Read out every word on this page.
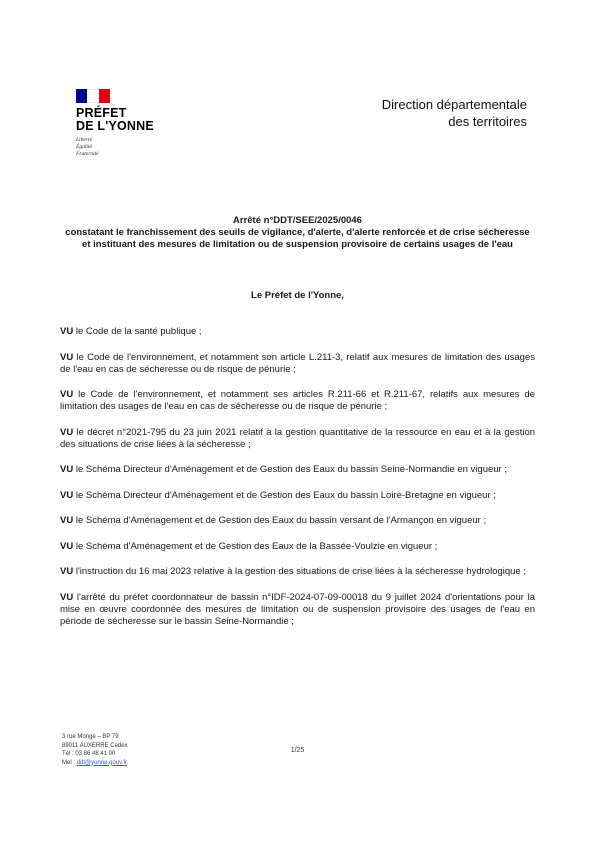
PRÉFET
DE L'YONNE
Liberté
Égalité
Fraternité
Direction départementale
des territoires
Arrêté n°DDT/SEE/2025/0046
constatant le franchissement des seuils de vigilance, d'alerte, d'alerte renforcée et de crise sécheresse et instituant des mesures de limitation ou de suspension provisoire de certains usages de l'eau
Le Préfet de l'Yonne,

VU le Code de la santé publique ;

VU le Code de l'environnement, et notamment son article L.211-3, relatif aux mesures de limitation des usages de l'eau en cas de sécheresse ou de risque de pénurie ;

VU le Code de l'environnement, et notamment ses articles R.211-66 et R.211-67, relatifs aux mesures de limitation des usages de l'eau en cas de sécheresse ou de risque de pénurie ;

VU le décret n°2021-795 du 23 juin 2021 relatif à la gestion quantitative de la ressource en eau et à la gestion des situations de crise liées à la sécheresse ;

VU le Schéma Directeur d'Aménagement et de Gestion des Eaux du bassin Seine-Normandie en vigueur ;

VU le Schéma Directeur d'Aménagement et de Gestion des Eaux du bassin Loire-Bretagne en vigueur ;

VU le Schéma d'Aménagement et de Gestion des Eaux du bassin versant de l'Armançon en vigueur ;

VU le Schéma d'Aménagement et de Gestion des Eaux de la Bassée-Voulzie en vigueur ;

VU l'instruction du 16 mai 2023 relative à la gestion des situations de crise liées à la sécheresse hydrologique ;

VU l'arrêté du préfet coordonnateur de bassin n°IDF-2024-07-09-00018 du 9 juillet 2024 d'orientations pour la mise en œuvre coordonnée des mesures de limitation ou de suspension provisoire des usages de l'eau en période de sécheresse sur le bassin Seine-Normandie ;

3 rue Monge – BP 79
89011 AUXERRE Cedex
Tél : 03 86 48 41 00
Mel : ddt@yonne.gouv.fr
1/25
